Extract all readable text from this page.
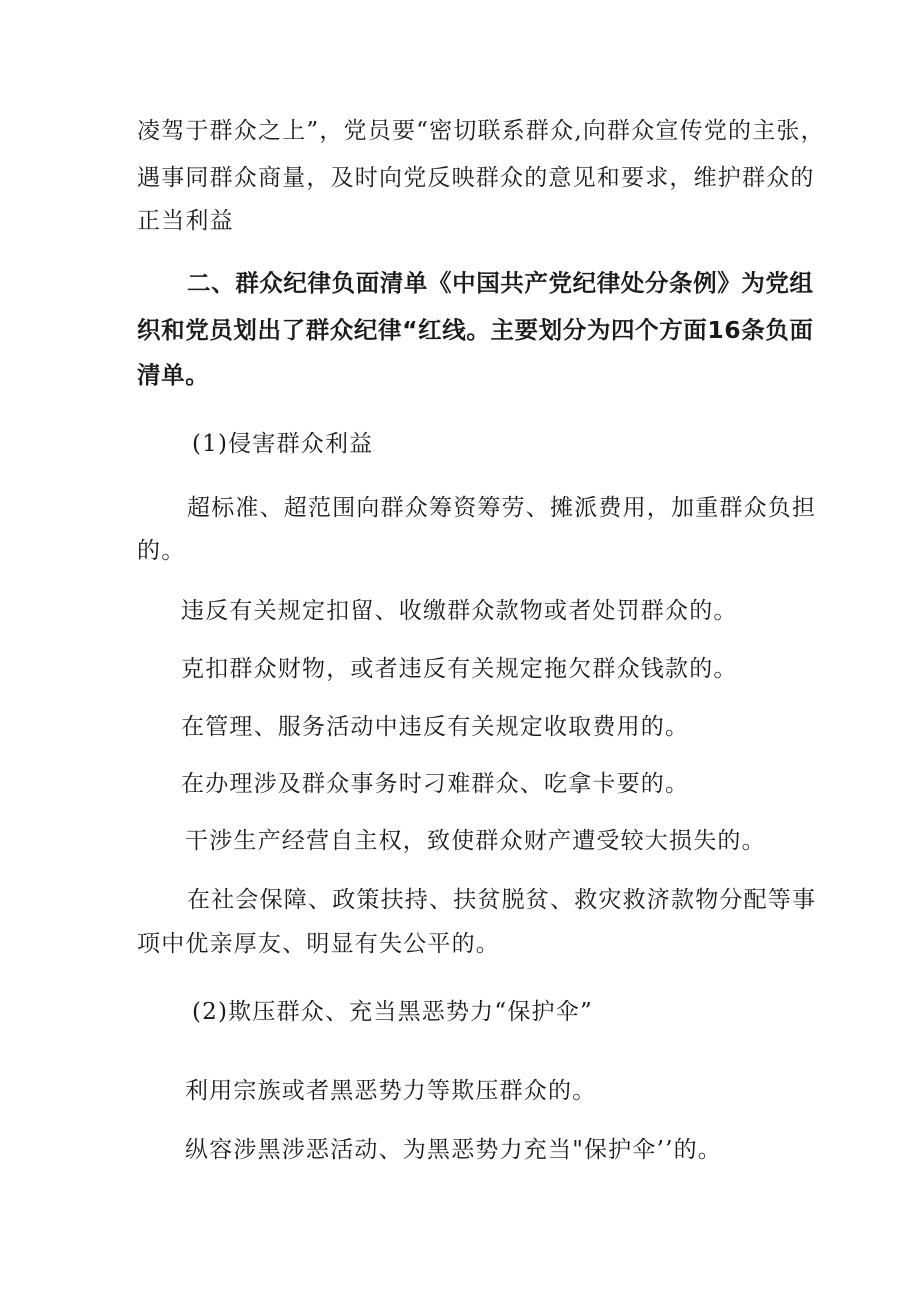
凌驾于群众之上”，党员要“密切联系群众,向群众宣传党的主张，
遇事同群众商量，及时向党反映群众的意见和要求，维护群众的
正当利益
二、群众纪律负面清单《中国共产党纪律处分条例》为党组
织和党员划出了群众纪律“红线。主要划分为四个方面16条负面
清单。
(1)侵害群众利益
超标准、超范围向群众筹资筹劳、摊派费用，加重群众负担
的。
违反有关规定扣留、收缴群众款物或者处罚群众的。
克扣群众财物，或者违反有关规定拖欠群众钱款的。
在管理、服务活动中违反有关规定收取费用的。
在办理涉及群众事务时刁难群众、吃拿卡要的。
干涉生产经营自主权，致使群众财产遭受较大损失的。
在社会保障、政策扶持、扶贫脱贫、救灾救济款物分配等事
项中优亲厚友、明显有失公平的。
(2)欺压群众、充当黑恶势力“保护伞”
利用宗族或者黑恶势力等欺压群众的。
纵容涉黑涉恶活动、为黑恶势力充当"保护伞’’的。
